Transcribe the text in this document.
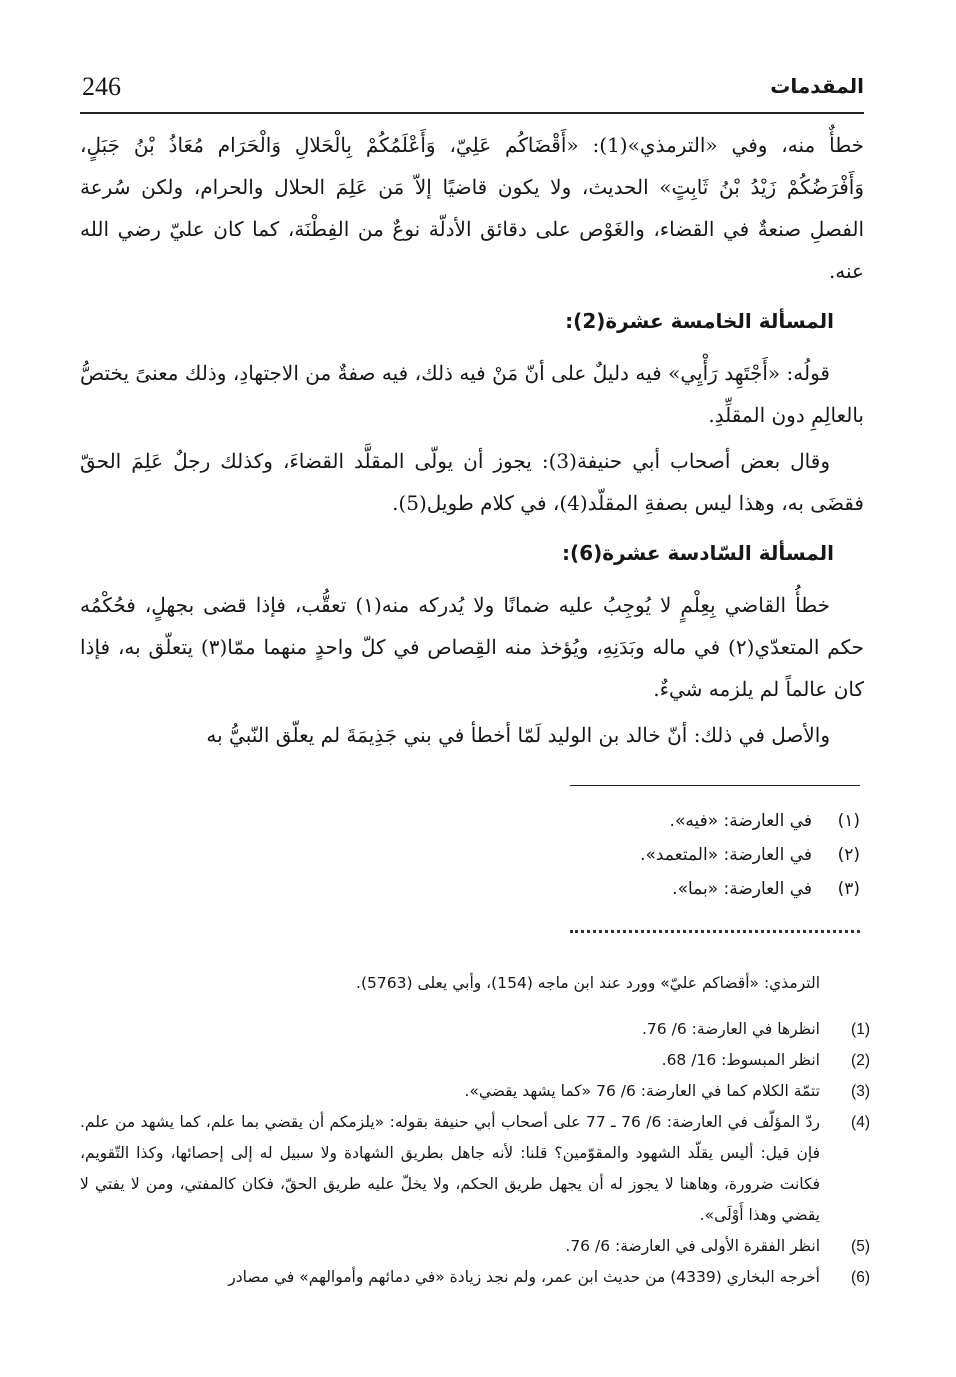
246	المقدمات

خطأٌ منه، وفي «الترمذي»(1): «أَقْضَاكُم عَلِيّ، وَأَعْلَمُكُمْ بِالْحَلالِ وَالْحَرَام مُعَاذُ بْنُ جَبَلٍ، وَأَفْرَضُكُمْ زَيْدُ بْنُ ثَابِتٍ» الحديث، ولا يكون قاضيًا إلاّ مَن عَلِمَ الحلال والحرام، ولكن سُرعة الفصلِ صنعةٌ في القضاء، والغَوْص على دقائق الأدلّة نوعٌ من الفِطْنَة، كما كان عليّ رضي الله عنه.

المسألة الخامسة عشرة(2):

قولُه: «أَجْتَهِد رَأْيِي» فيه دليلٌ على أنّ مَنْ فيه ذلك، فيه صفةٌ من الاجتهادِ، وذلك معنىً يختصُّ بالعالِمِ دون المقلِّدِ.

وقال بعض أصحاب أبي حنيفة(3): يجوز أن يولّى المقلَّد القضاءَ، وكذلك رجلٌ عَلِمَ الحقّ فقضَى به، وهذا ليس بصفةِ المقلّد(4)، في كلام طويل(5).

المسألة السّادسة عشرة(6):

خطأُ القاضي بِعِلْمٍ لا يُوجِبُ عليه ضمانًا ولا يُدركه منه(١) تعقُّب، فإذا قضى بجهلٍ، فحُكْمُه حكم المتعدّي(٢) في ماله وبَدَنِهِ، ويُؤخذ منه القِصاص في كلّ واحدٍ منهما ممّا(٣) يتعلّق به، فإذا كان عالماً لم يلزمه شيءٌ.

والأصل في ذلك: أنّ خالد بن الوليد لَمّا أخطأ في بني جَذِيمَةَ لم يعلّق النّبيُّ به

(١)
في العارضة: «فيه».
(٢)
في العارضة: «المتعمد».
(٣)
في العارضة: «بما».

الترمذي: «أقضاكم عليّ» وورد عند ابن ماجه (154)، وأبي يعلى (5763).

(1)
انظرها في العارضة: 6/ 76.
(2)
انظر المبسوط: 16/ 68.
(3)
تتمّة الكلام كما في العارضة: 6/ 76 «كما يشهد يقضي».
(4)
ردّ المؤلّف في العارضة: 6/ 76 ـ 77 على أصحاب أبي حنيفة بقوله: «يلزمكم أن يقضي بما علم، كما يشهد من علم. فإن قيل: أليس يقلّد الشهود والمقوّمين؟ قلنا: لأنه جاهل بطريق الشهادة ولا سبيل له إلى إحصائها، وكذا التّقويم، فكانت ضرورة، وهاهنا لا يجوز له أن يجهل طريق الحكم، ولا يخلّ عليه طريق الحقّ، فكان كالمفتي، ومن لا يفتي لا يقضي وهذا أَوْلَى».
(5)
انظر الفقرة الأولى في العارضة: 6/ 76.
(6)
أخرجه البخاري (4339) من حديث ابن عمر، ولم نجد زيادة «في دمائهم وأموالهم» في مصادر
